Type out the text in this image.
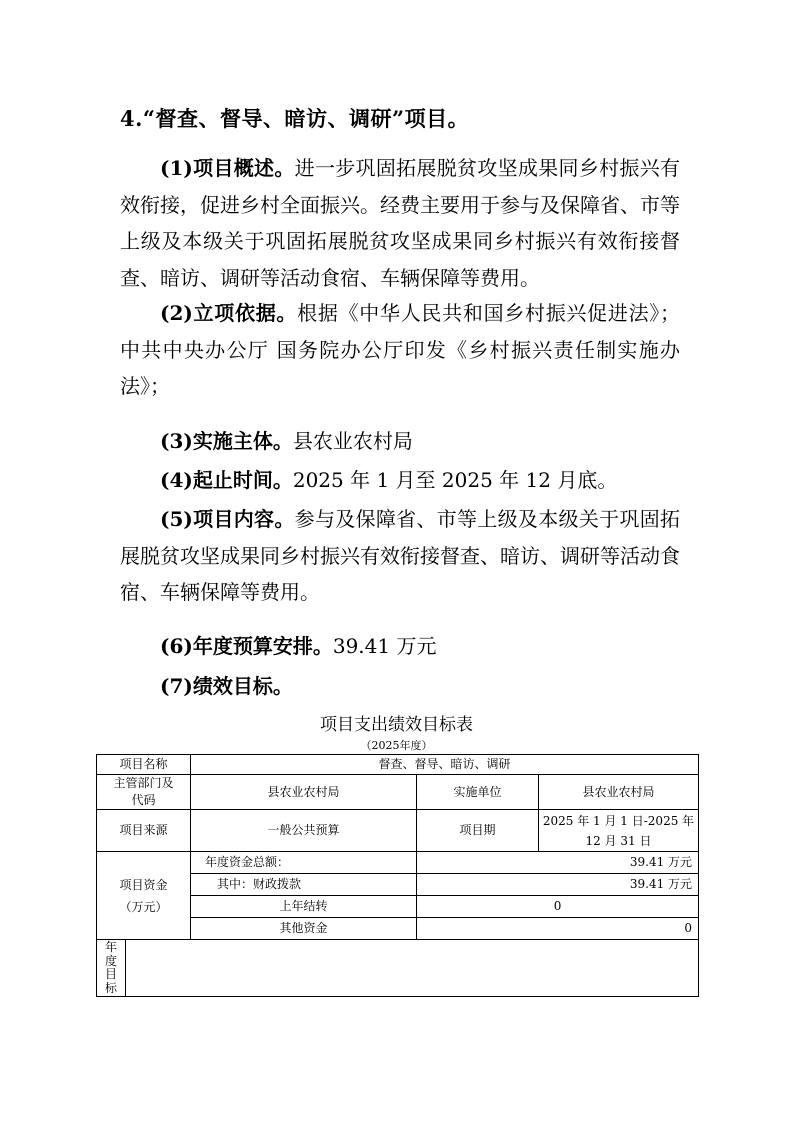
4.“督查、督导、暗访、调研”项目。
(1)项目概述。进一步巩固拓展脱贫攻坚成果同乡村振兴有效衔接，促进乡村全面振兴。经费主要用于参与及保障省、市等上级及本级关于巩固拓展脱贫攻坚成果同乡村振兴有效衔接督查、暗访、调研等活动食宿、车辆保障等费用。
(2)立项依据。根据《中华人民共和国乡村振兴促进法》；中共中央办公厅 国务院办公厅印发《乡村振兴责任制实施办法》；
(3)实施主体。县农业农村局
(4)起止时间。2025 年 1 月至 2025 年 12 月底。
(5)项目内容。参与及保障省、市等上级及本级关于巩固拓展脱贫攻坚成果同乡村振兴有效衔接督查、暗访、调研等活动食宿、车辆保障等费用。
(6)年度预算安排。39.41 万元
(7)绩效目标。
项目支出绩效目标表
（2025年度）
项目名称	督查、督导、暗访、调研		
主管部门及代码	县农业农村局	实施单位	县农业农村局
项目来源	一般公共预算	项目期	2025 年 1 月 1 日-2025 年 12 月 31 日
项目资金（万元）	年度资金总额：	39.41 万元	
	其中：财政拨款	39.41 万元	
	上年结转	0	
	其他资金	0	

年度目标			
